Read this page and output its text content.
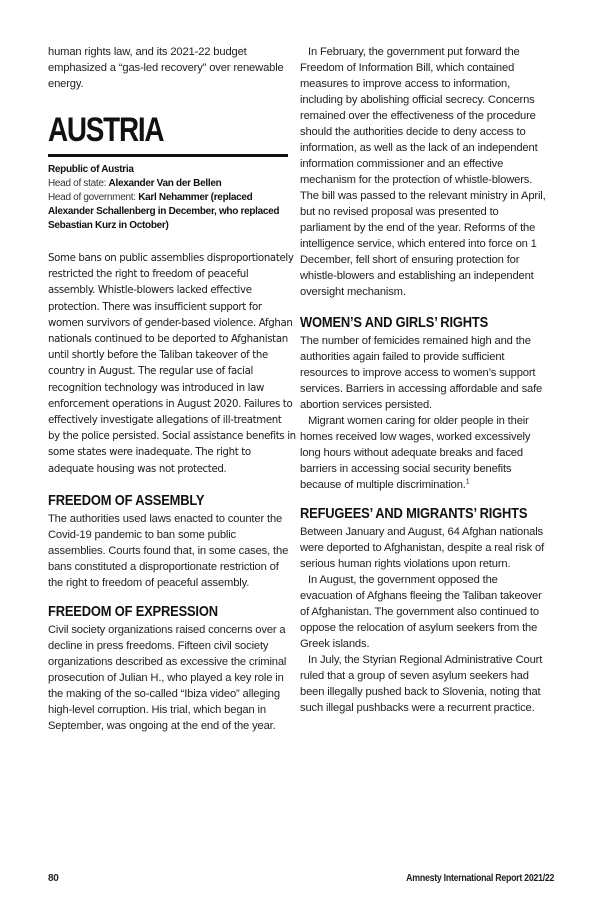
human rights law, and its 2021-22 budget emphasized a “gas-led recovery” over renewable energy.

AUSTRIA
Republic of Austria
Head of state: Alexander Van der Bellen
Head of government: Karl Nehammer (replaced Alexander Schallenberg in December, who replaced Sebastian Kurz in October)

Some bans on public assemblies disproportionately restricted the right to freedom of peaceful assembly. Whistle-blowers lacked effective protection. There was insufficient support for women survivors of gender-based violence. Afghan nationals continued to be deported to Afghanistan until shortly before the Taliban takeover of the country in August. The regular use of facial recognition technology was introduced in law enforcement operations in August 2020. Failures to effectively investigate allegations of ill-treatment by the police persisted. Social assistance benefits in some states were inadequate. The right to adequate housing was not protected.

FREEDOM OF ASSEMBLY

The authorities used laws enacted to counter the Covid-19 pandemic to ban some public assemblies. Courts found that, in some cases, the bans constituted a disproportionate restriction of the right to freedom of peaceful assembly.

FREEDOM OF EXPRESSION

Civil society organizations raised concerns over a decline in press freedoms. Fifteen civil society organizations described as excessive the criminal prosecution of Julian H., who played a key role in the making of the so-called “Ibiza video” alleging high-level corruption. His trial, which began in September, was ongoing at the end of the year.

In February, the government put forward the Freedom of Information Bill, which contained measures to improve access to information, including by abolishing official secrecy. Concerns remained over the effectiveness of the procedure should the authorities decide to deny access to information, as well as the lack of an independent information commissioner and an effective mechanism for the protection of whistle-blowers. The bill was passed to the relevant ministry in April, but no revised proposal was presented to parliament by the end of the year. Reforms of the intelligence service, which entered into force on 1 December, fell short of ensuring protection for whistle-blowers and establishing an independent oversight mechanism.

WOMEN’S AND GIRLS’ RIGHTS

The number of femicides remained high and the authorities again failed to provide sufficient resources to improve access to women’s support services. Barriers in accessing affordable and safe abortion services persisted.

Migrant women caring for older people in their homes received low wages, worked excessively long hours without adequate breaks and faced barriers in accessing social security benefits because of multiple discrimination.$^1$

REFUGEES’ AND MIGRANTS’ RIGHTS

Between January and August, 64 Afghan nationals were deported to Afghanistan, despite a real risk of serious human rights violations upon return.

In August, the government opposed the evacuation of Afghans fleeing the Taliban takeover of Afghanistan. The government also continued to oppose the relocation of asylum seekers from the Greek islands.

In July, the Styrian Regional Administrative Court ruled that a group of seven asylum seekers had been illegally pushed back to Slovenia, noting that such illegal pushbacks were a recurrent practice.

80	Amnesty International Report 2021/22
